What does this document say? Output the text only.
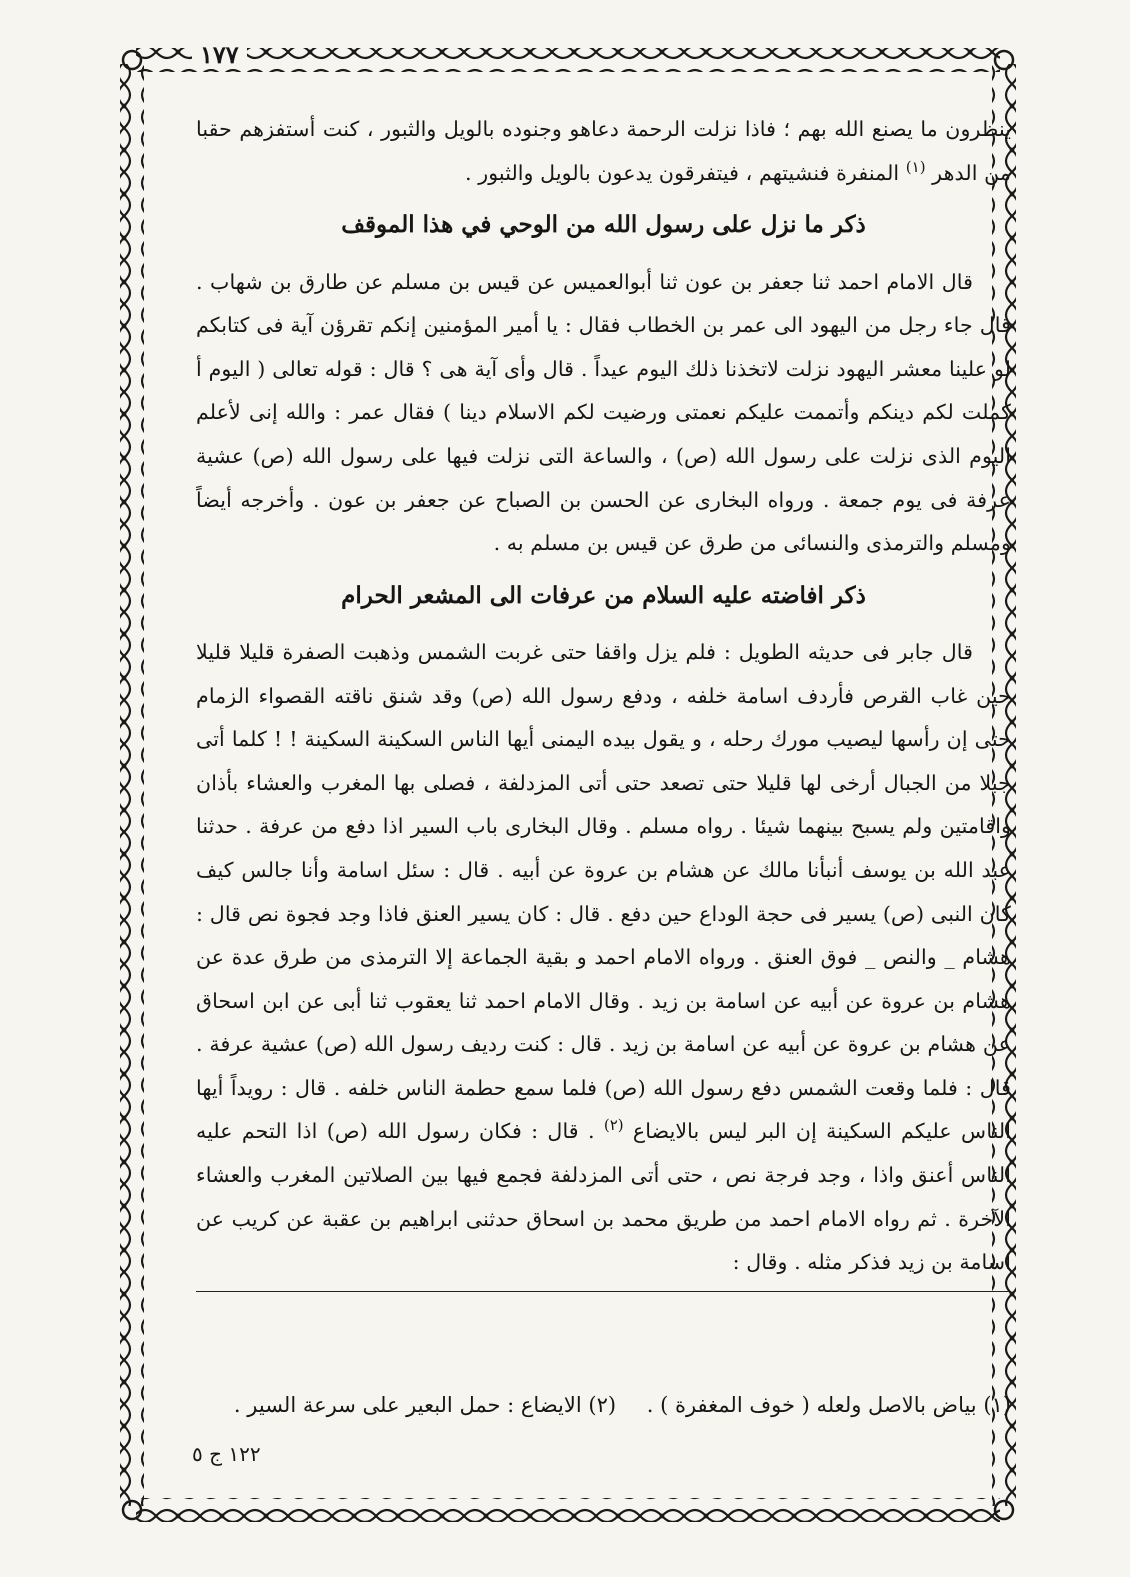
١٧٧

ينظرون ما يصنع الله بهم ؛ فاذا نزلت الرحمة دعاهو وجنوده بالويل والثبور ، كنت أستفزهم حقبا من الدهر $^{(١)}$ المنفرة فنشيتهم ، فيتفرقون يدعون بالويل والثبور .

ذكر ما نزل على رسول الله من الوحي في هذا الموقف

قال الامام احمد ثنا جعفر بن عون ثنا أبوالعميس عن قيس بن مسلم عن طارق بن شهاب . قال جاء رجل من اليهود الى عمر بن الخطاب فقال : يا أمير المؤمنين إنكم تقرؤن آية فى كتابكم لو علينا معشر اليهود نزلت لاتخذنا ذلك اليوم عيداً . قال وأى آية هى ؟ قال : قوله تعالى ( اليوم أ كملت لكم دينكم وأتممت عليكم نعمتى ورضيت لكم الاسلام دينا ) فقال عمر : والله إنى لأعلم اليوم الذى نزلت على رسول الله (ص) ، والساعة التى نزلت فيها على رسول الله (ص) عشية عرفة فى يوم جمعة . ورواه البخارى عن الحسن بن الصباح عن جعفر بن عون . وأخرجه أيضاً ومسلم والترمذى والنسائى من طرق عن قيس بن مسلم به .

ذكر افاضته عليه السلام من عرفات الى المشعر الحرام

قال جابر فى حديثه الطويل : فلم يزل واقفا حتى غربت الشمس وذهبت الصفرة قليلا قليلا حين غاب القرص فأردف اسامة خلفه ، ودفع رسول الله (ص) وقد شنق ناقته القصواء الزمام حتى إن رأسها ليصيب مورك رحله ، و يقول بيده اليمنى أيها الناس السكينة السكينة ! ! كلما أتى جبلا من الجبال أرخى لها قليلا حتى تصعد حتى أتى المزدلفة ، فصلى بها المغرب والعشاء بأذان واقامتين ولم يسبح بينهما شيئا . رواه مسلم . وقال البخارى باب السير اذا دفع من عرفة . حدثنا عبد الله بن يوسف أنبأنا مالك عن هشام بن عروة عن أبيه . قال : سئل اسامة وأنا جالس كيف كان النبى (ص) يسير فى حجة الوداع حين دفع . قال : كان يسير العنق فاذا وجد فجوة نص قال : هشام _ والنص _ فوق العنق . ورواه الامام احمد و بقية الجماعة إلا الترمذى من طرق عدة عن هشام بن عروة عن أبيه عن اسامة بن زيد . وقال الامام احمد ثنا يعقوب ثنا أبى عن ابن اسحاق عن هشام بن عروة عن أبيه عن اسامة بن زيد . قال : كنت رديف رسول الله (ص) عشية عرفة . قال : فلما وقعت الشمس دفع رسول الله (ص) فلما سمع حطمة الناس خلفه . قال : رويداً أيها الناس عليكم السكينة إن البر ليس بالايضاع $^{(٢)}$ . قال : فكان رسول الله (ص) اذا التحم عليه الناس أعنق واذا ، وجد فرجة نص ، حتى أتى المزدلفة فجمع فيها بين الصلاتين المغرب والعشاء الآخرة . ثم رواه الامام احمد من طريق محمد بن اسحاق حدثنى ابراهيم بن عقبة عن كريب عن اسامة بن زيد فذكر مثله . وقال :

(١) بياض بالاصل ولعله ( خوف المغفرة ) . (٢) الايضاع : حمل البعير على سرعة السير .
١٢٢ ج ٥
